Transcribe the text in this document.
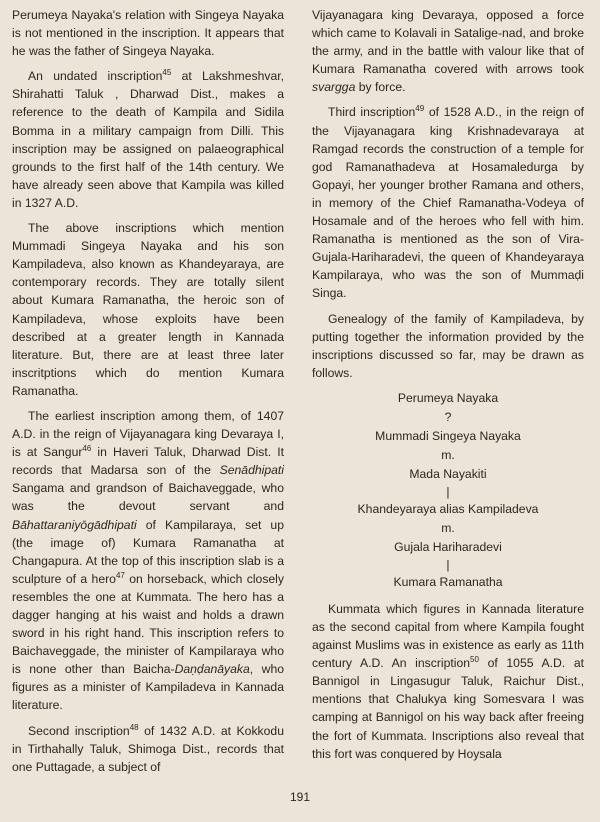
Perumeya Nayaka's relation with Singeya Nayaka is not mentioned in the inscription. It appears that he was the father of Singeya Nayaka.

An undated inscription$^{45}$ at Lakshmeshvar, Shirahatti Taluk , Dharwad Dist., makes a reference to the death of Kampila and Sidila Bomma in a military campaign from Dilli. This inscription may be assigned on palaeographical grounds to the first half of the 14th century. We have already seen above that Kampila was killed in 1327 A.D.

The above inscriptions which mention Mummadi Singeya Nayaka and his son Kampiladeva, also known as Khandeyaraya, are contemporary records. They are totally silent about Kumara Ramanatha, the heroic son of Kampiladeva, whose exploits have been described at a greater length in Kannada literature. But, there are at least three later inscritptions which do mention Kumara Ramanatha.

The earliest inscription among them, of 1407 A.D. in the reign of Vijayanagara king Devaraya I, is at Sangur$^{46}$ in Haveri Taluk, Dharwad Dist. It records that Madarsa son of the Senādhipati Sangama and grandson of Baichaveggade, who was the devout servant and Bāhattaraniyōgādhipati of Kampilaraya, set up (the image of) Kumara Ramanatha at Changapura. At the top of this inscription slab is a sculpture of a hero$^{47}$ on horseback, which closely resembles the one at Kummata. The hero has a dagger hanging at his waist and holds a drawn sword in his right hand. This inscription refers to Baichaveggade, the minister of Kampilaraya who is none other than Baicha-Daṇḍanāyaka, who figures as a minister of Kampiladeva in Kannada literature.

Second inscription$^{48}$ of 1432 A.D. at Kokkodu in Tirthahally Taluk, Shimoga Dist., records that one Puttagade, a subject of

Vijayanagara king Devaraya, opposed a force which came to Kolavali in Satalige-nad, and broke the army, and in the battle with valour like that of Kumara Ramanatha covered with arrows took svargga by force.

Third inscription$^{49}$ of 1528 A.D., in the reign of the Vijayanagara king Krishnadevaraya at Ramgad records the construction of a temple for god Ramanathadeva at Hosamaledurga by Gopayi, her younger brother Ramana and others, in memory of the Chief Ramanatha-Vodeya of Hosamale and of the heroes who fell with him. Ramanatha is mentioned as the son of Vira-Gujala-Hariharadevi, the queen of Khandeyaraya Kampilaraya, who was the son of Mummaḍi Singa.

Genealogy of the family of Kampiladeva, by putting together the information provided by the inscriptions discussed so far, may be drawn as follows.

Perumeya Nayaka
?
Mummadi Singeya Nayaka
m.
Mada Nayakiti
|
Khandeyaraya alias Kampiladeva
m.
Gujala Hariharadevi
|
Kumara Ramanatha

Kummata which figures in Kannada literature as the second capital from where Kampila fought against Muslims was in existence as early as 11th century A.D. An inscription$^{50}$ of 1055 A.D. at Bannigol in Lingasugur Taluk, Raichur Dist., mentions that Chalukya king Somesvara I was camping at Bannigol on his way back after freeing the fort of Kummata. Inscriptions also reveal that this fort was conquered by Hoysala

191
